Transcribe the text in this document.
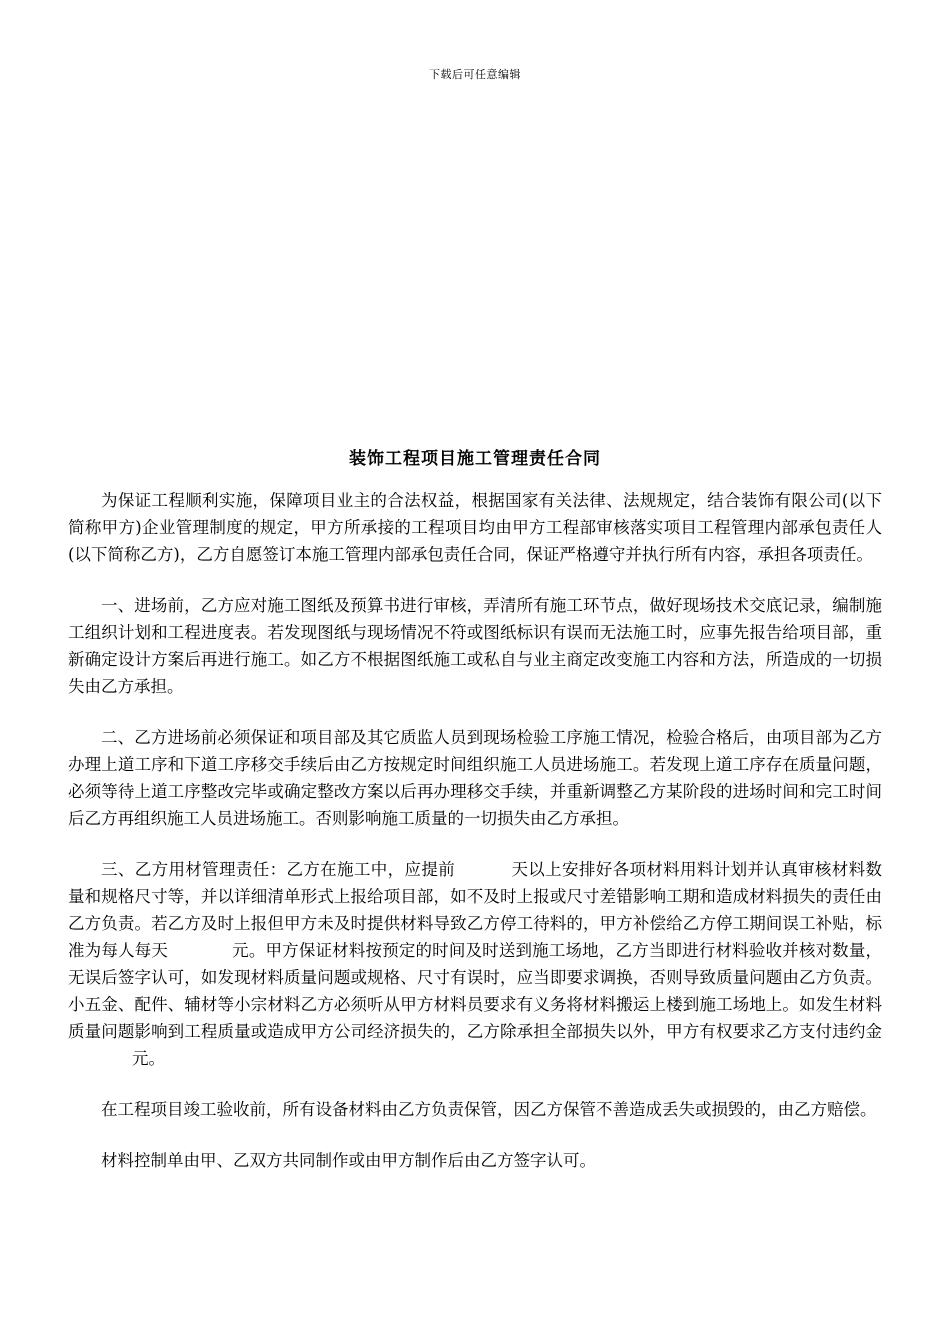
下载后可任意编辑
装饰工程项目施工管理责任合同

为保证工程顺利实施，保障项目业主的合法权益，根据国家有关法律、法规规定，结合装饰有限公司(以下简称甲方)企业管理制度的规定，甲方所承接的工程项目均由甲方工程部审核落实项目工程管理内部承包责任人(以下简称乙方)，乙方自愿签订本施工管理内部承包责任合同，保证严格遵守并执行所有内容，承担各项责任。

一、进场前，乙方应对施工图纸及预算书进行审核，弄清所有施工环节点，做好现场技术交底记录，编制施工组织计划和工程进度表。若发现图纸与现场情况不符或图纸标识有误而无法施工时，应事先报告给项目部，重新确定设计方案后再进行施工。如乙方不根据图纸施工或私自与业主商定改变施工内容和方法，所造成的一切损失由乙方承担。

二、乙方进场前必须保证和项目部及其它质监人员到现场检验工序施工情况，检验合格后，由项目部为乙方办理上道工序和下道工序移交手续后由乙方按规定时间组织施工人员进场施工。若发现上道工序存在质量问题，必须等待上道工序整改完毕或确定整改方案以后再办理移交手续，并重新调整乙方某阶段的进场时间和完工时间后乙方再组织施工人员进场施工。否则影响施工质量的一切损失由乙方承担。

三、乙方用材管理责任：乙方在施工中，应提前	天以上安排好各项材料用料计划并认真审核材料数量和规格尺寸等，并以详细清单形式上报给项目部，如不及时上报或尺寸差错影响工期和造成材料损失的责任由乙方负责。若乙方及时上报但甲方未及时提供材料导致乙方停工待料的，甲方补偿给乙方停工期间误工补贴，标准为每人每天	元。甲方保证材料按预定的时间及时送到施工场地，乙方当即进行材料验收并核对数量，无误后签字认可，如发现材料质量问题或规格、尺寸有误时，应当即要求调换，否则导致质量问题由乙方负责。小五金、配件、辅材等小宗材料乙方必须听从甲方材料员要求有义务将材料搬运上楼到施工场地上。如发生材料质量问题影响到工程质量或造成甲方公司经济损失的，乙方除承担全部损失以外，甲方有权要求乙方支付违约金元。

在工程项目竣工验收前，所有设备材料由乙方负责保管，因乙方保管不善造成丢失或损毁的，由乙方赔偿。

材料控制单由甲、乙双方共同制作或由甲方制作后由乙方签字认可。
